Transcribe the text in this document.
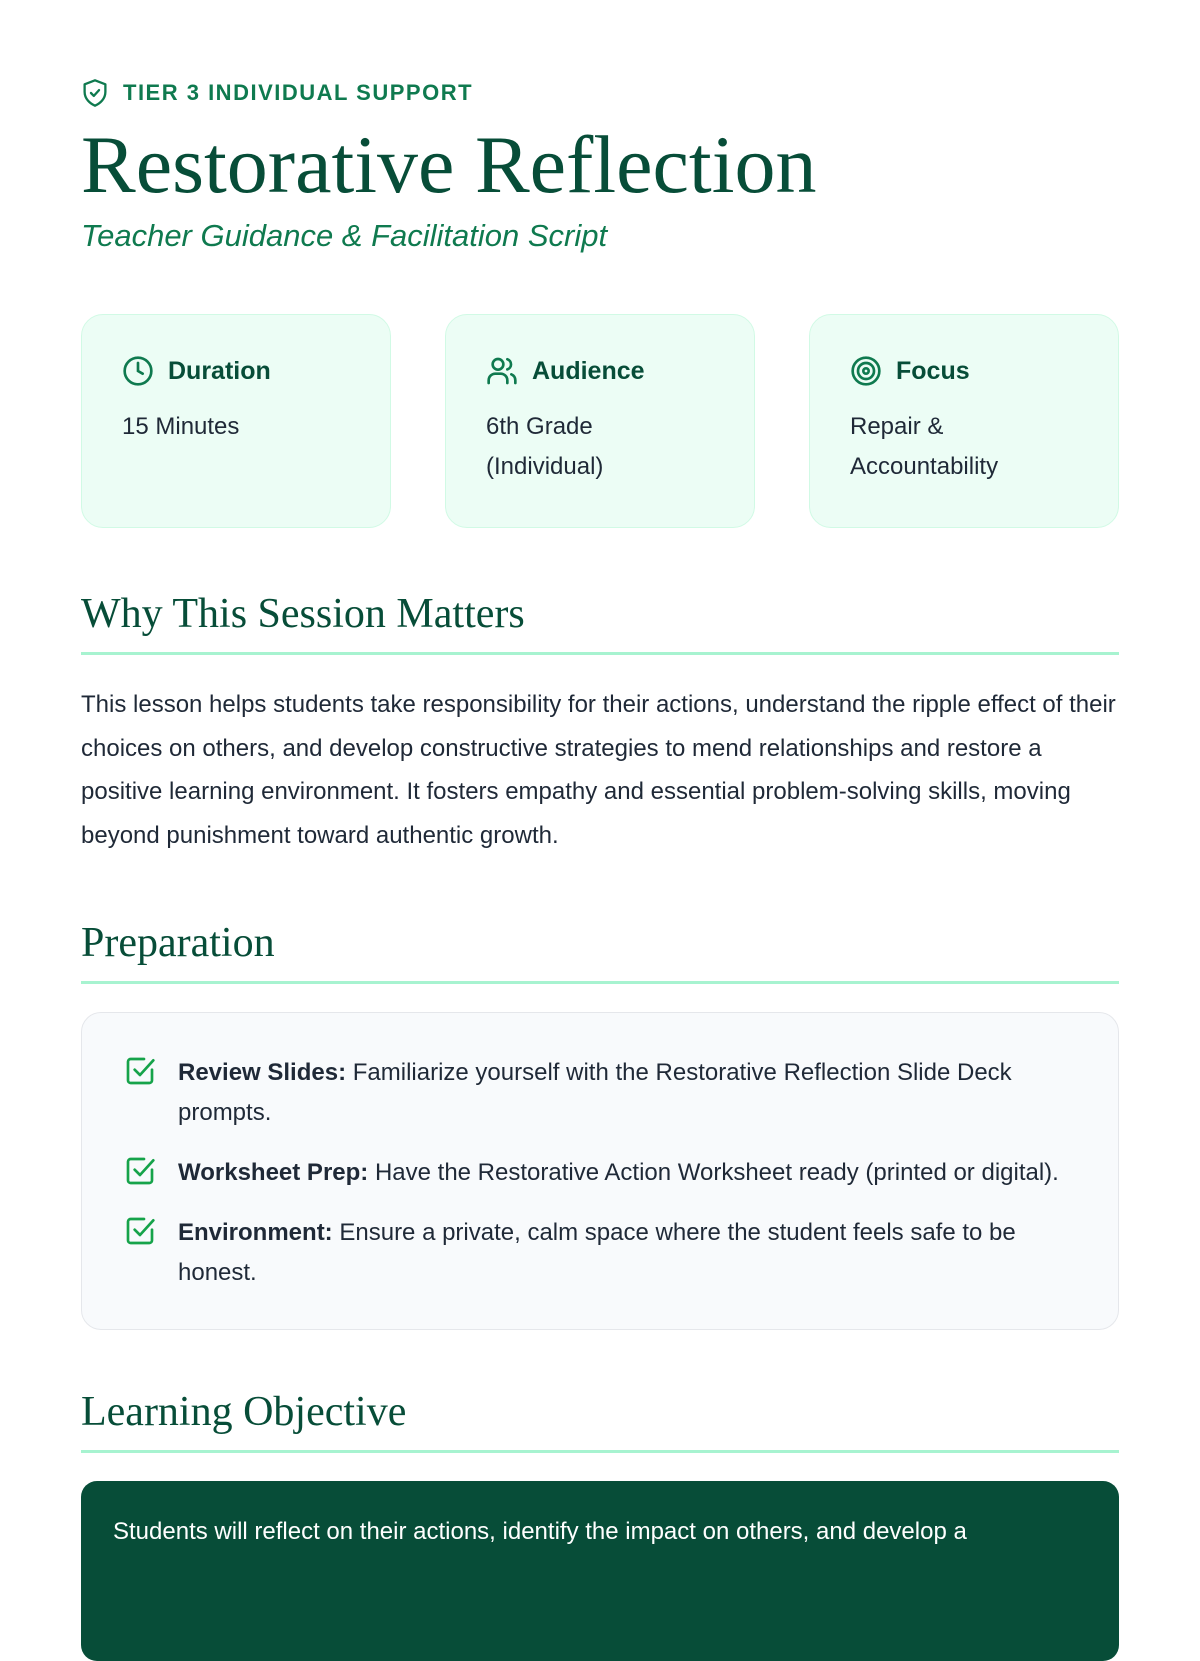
TIER 3 INDIVIDUAL SUPPORT
Restorative Reflection
Teacher Guidance & Facilitation Script
Duration
15 Minutes
Audience
6th Grade (Individual)
Focus
Repair & Accountability
Why This Session Matters

This lesson helps students take responsibility for their actions, understand the ripple effect of their choices on others, and develop constructive strategies to mend relationships and restore a positive learning environment. It fosters empathy and essential problem-solving skills, moving beyond punishment toward authentic growth.

Preparation
Review Slides: Familiarize yourself with the Restorative Reflection Slide Deck prompts.
Worksheet Prep: Have the Restorative Action Worksheet ready (printed or digital).
Environment: Ensure a private, calm space where the student feels safe to be honest.
Learning Objective
Students will reflect on their actions, identify the impact on others, and develop a
